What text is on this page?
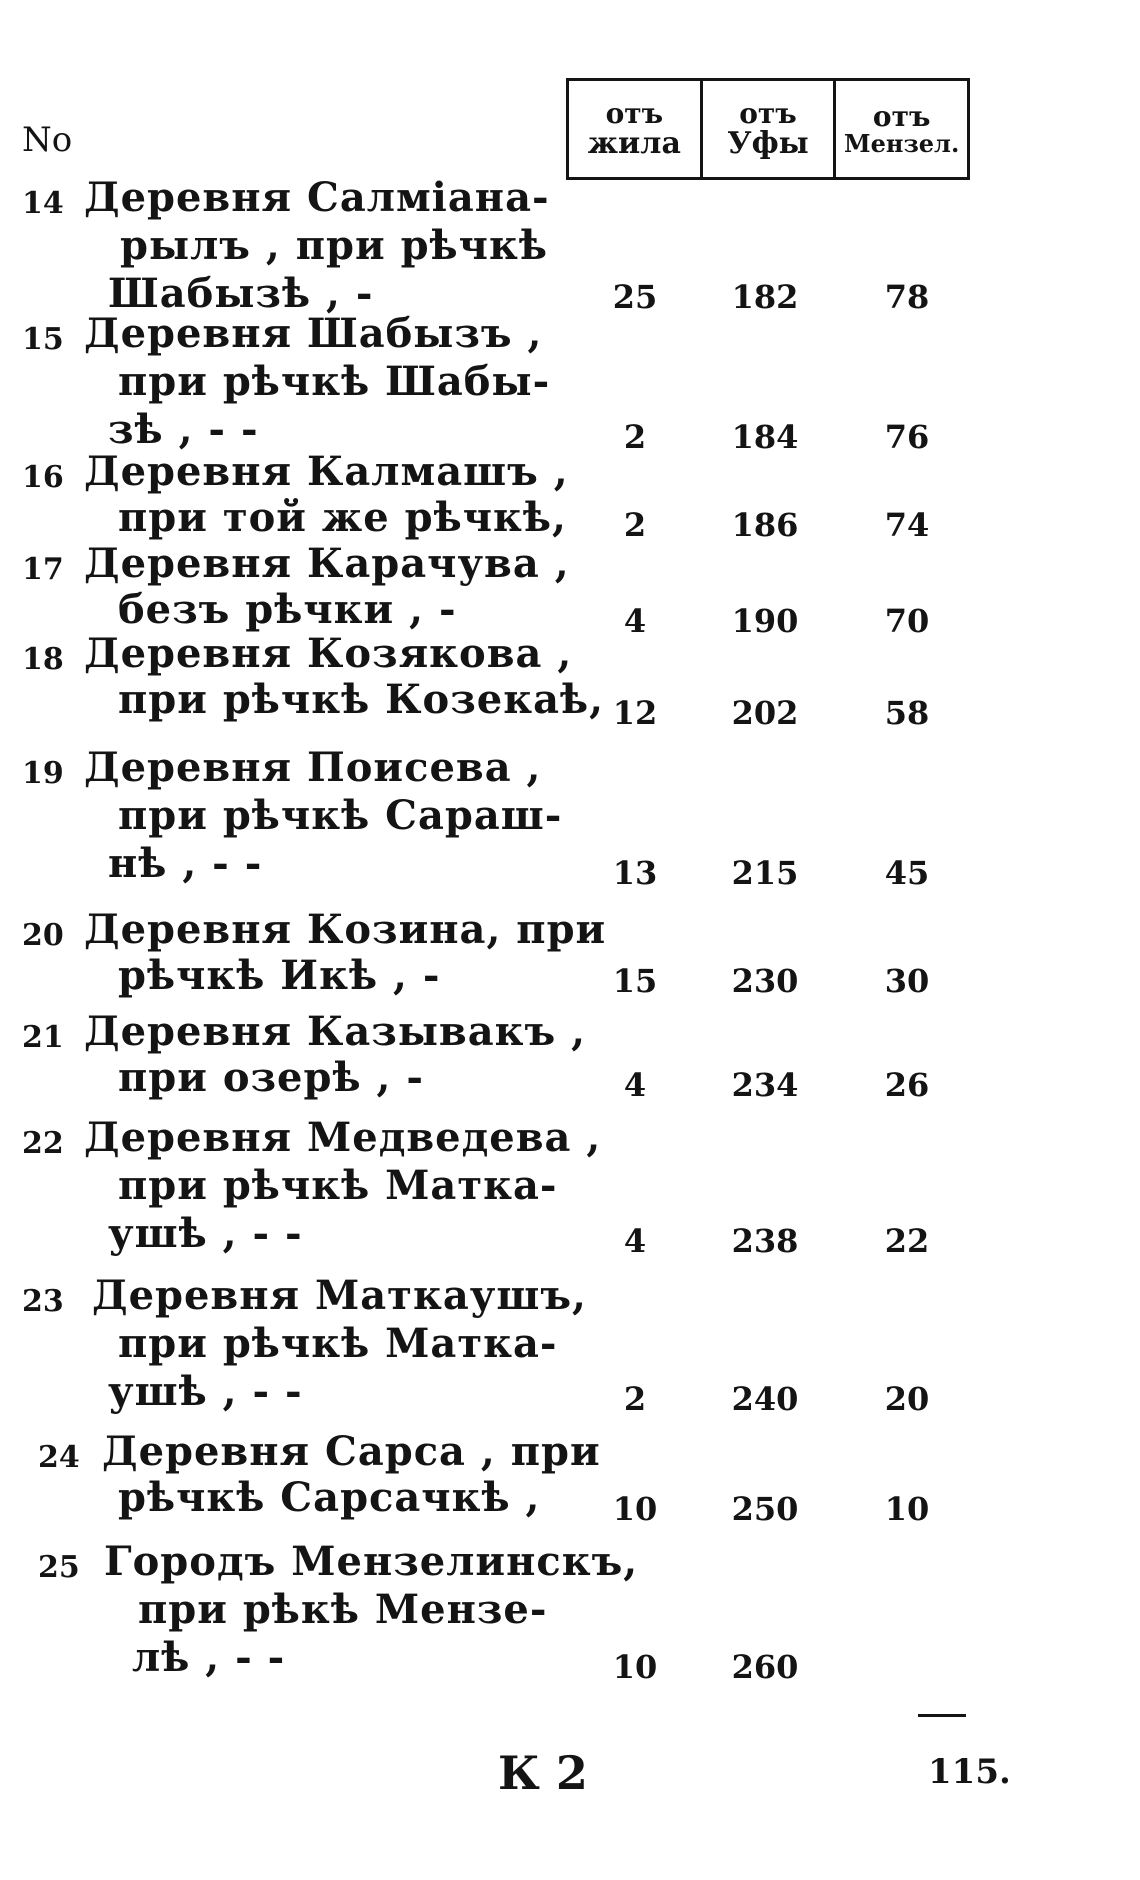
No
отъ
жила
отъ
Уфы
отъ
Мензел.
14 Деревня Салмiана-
рылъ , при рѣчкѣ
Шабызѣ , -	25	182	78
15 Деревня Шабызъ ,
при рѣчкѣ Шабы-
зѣ , - -	2	184	76
16 Деревня Калмашъ ,
при той же рѣчкѣ,	2	186	74
17 Деревня Карачува ,
безъ рѣчки , -	4	190	70
18 Деревня Козякова ,
при рѣчкѣ Козекаѣ, 12	202	58
19 Деревня Поисева ,
при рѣчкѣ Сараш-
нѣ , - -	13	215	45
20 Деревня Козина, при
рѣчкѣ Икѣ , -	15	230	30
21 Деревня Казывакъ ,
при озерѣ , -	4	234	26
22 Деревня Медведева ,
при рѣчкѣ Матка-
ушѣ , - -	4	238	22
23 Деревня Маткаушъ,
при рѣчкѣ Матка-
ушѣ , - -	2	240	20
24 Деревня Сарса , при
рѣчкѣ Сарсачкѣ ,	10	250	10
25 Городъ Мензелинскъ,
при рѣкѣ Мензе-
лѣ , - -	10	260
К 2	115.
